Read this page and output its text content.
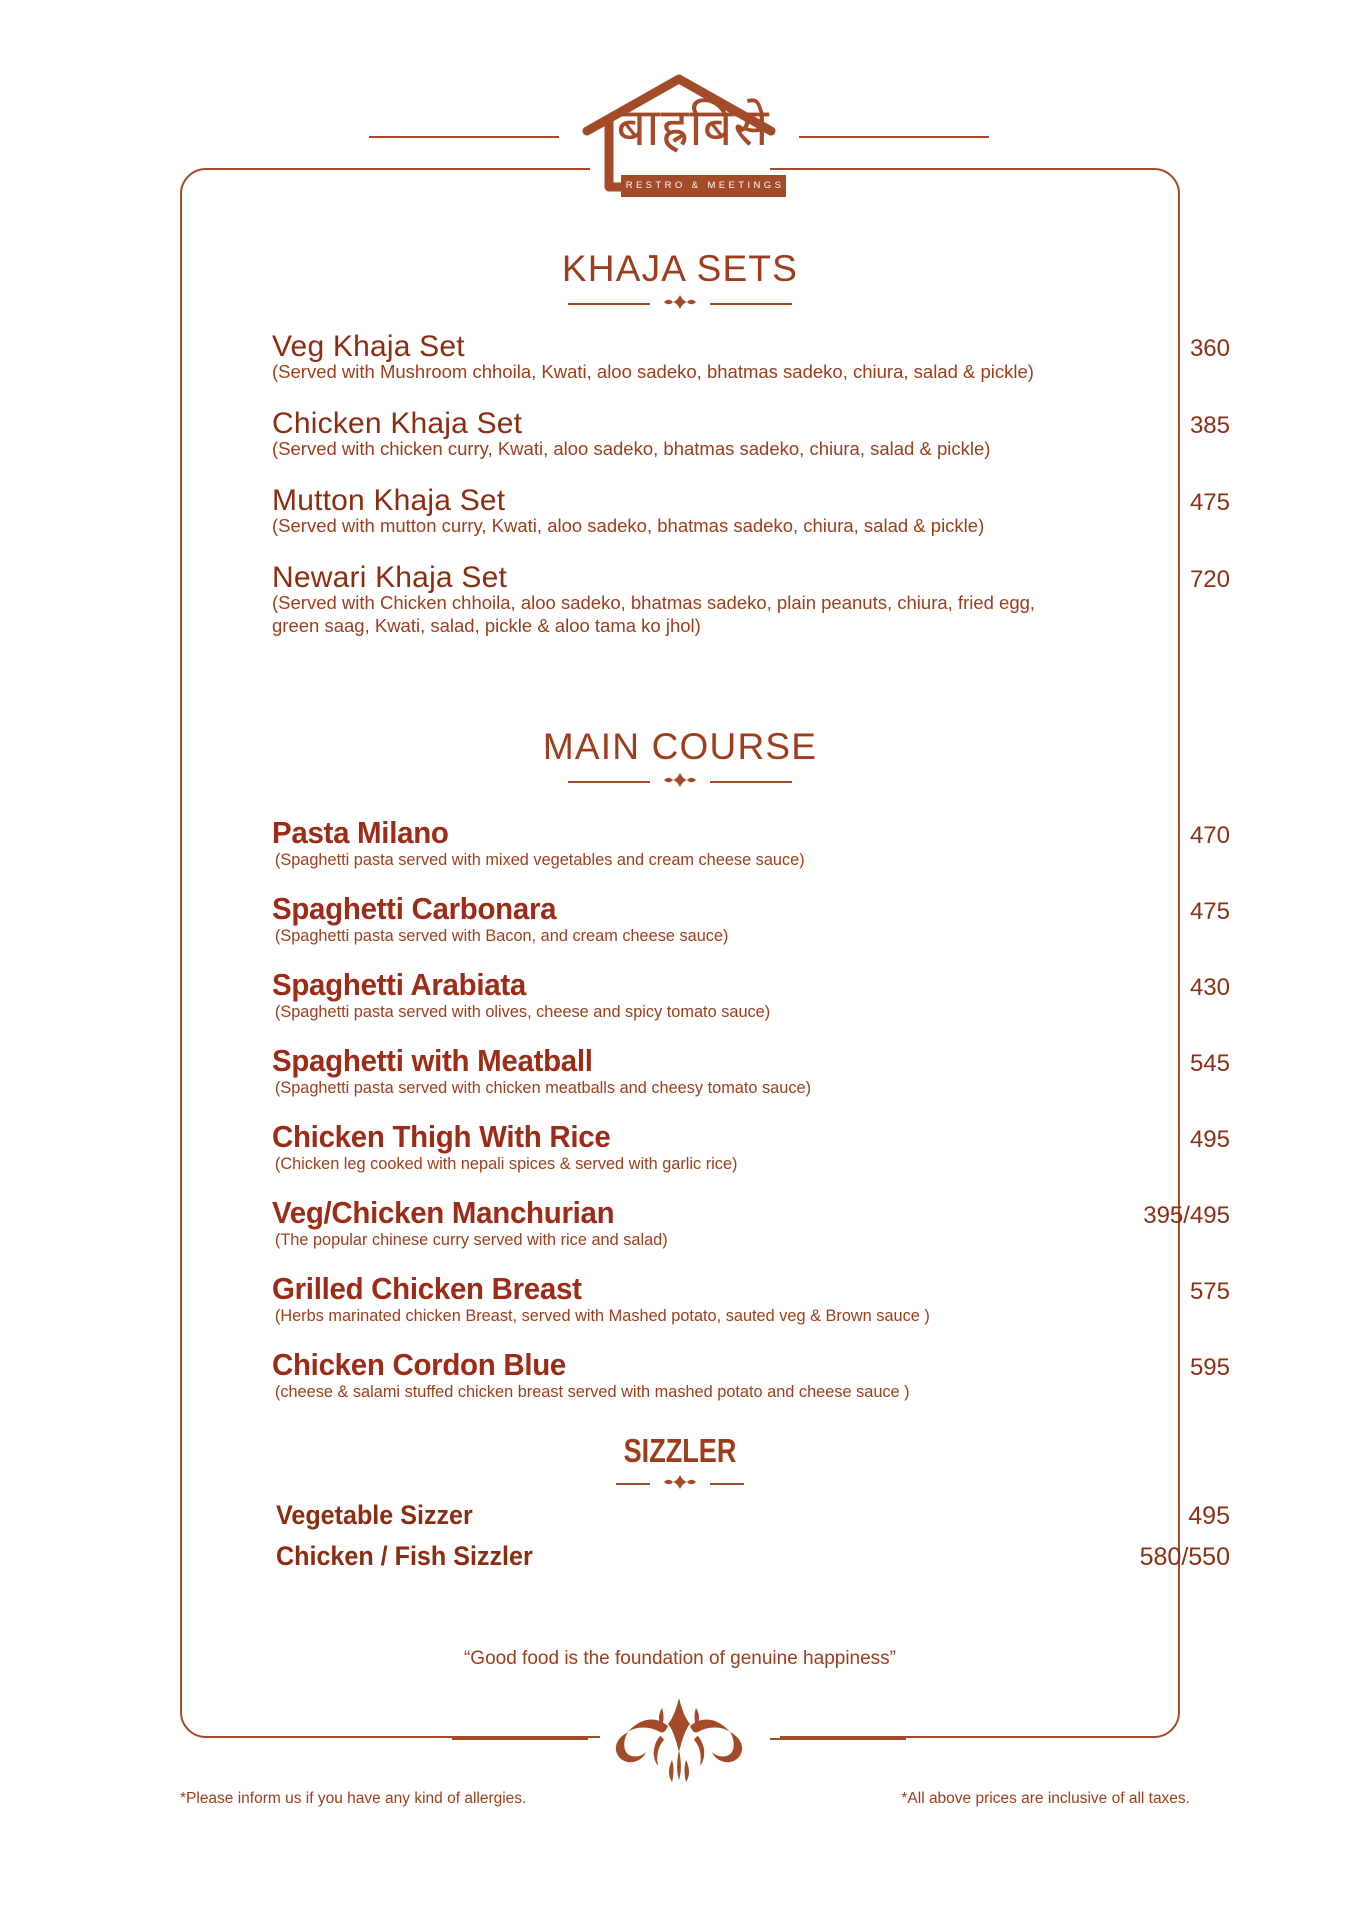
बाह्रबिसे
RESTRO & MEETINGS
KHAJA SETS
Veg Khaja Set	360
(Served with Mushroom chhoila, Kwati, aloo sadeko, bhatmas sadeko, chiura, salad & pickle)
Chicken Khaja Set	385
(Served with chicken curry, Kwati, aloo sadeko, bhatmas sadeko, chiura, salad & pickle)
Mutton Khaja Set	475
(Served with mutton curry, Kwati, aloo sadeko, bhatmas sadeko, chiura, salad & pickle)
Newari Khaja Set	720
(Served with Chicken chhoila, aloo sadeko, bhatmas sadeko, plain peanuts, chiura, fried egg, green saag, Kwati, salad, pickle & aloo tama ko jhol)
MAIN COURSE
Pasta Milano	470
(Spaghetti pasta served with mixed vegetables and cream cheese sauce)
Spaghetti Carbonara	475
(Spaghetti pasta served with Bacon, and cream cheese sauce)
Spaghetti Arabiata	430
(Spaghetti pasta served with olives, cheese and spicy tomato sauce)
Spaghetti with Meatball	545
(Spaghetti pasta served with chicken meatballs and cheesy tomato sauce)
Chicken Thigh With Rice	495
(Chicken leg cooked with nepali spices & served with garlic rice)
Veg/Chicken Manchurian	395/495
(The popular chinese curry served with rice and salad)
Grilled Chicken Breast	575
(Herbs marinated chicken Breast, served with Mashed potato, sauted veg & Brown sauce )
Chicken Cordon Blue	595
(cheese & salami stuffed chicken breast served with mashed potato and cheese sauce )
SIZZLER
Vegetable Sizzer	495
Chicken / Fish Sizzler	580/550
“Good food is the foundation of genuine happiness”
*Please inform us if you have any kind of allergies.	*All above prices are inclusive of all taxes.
